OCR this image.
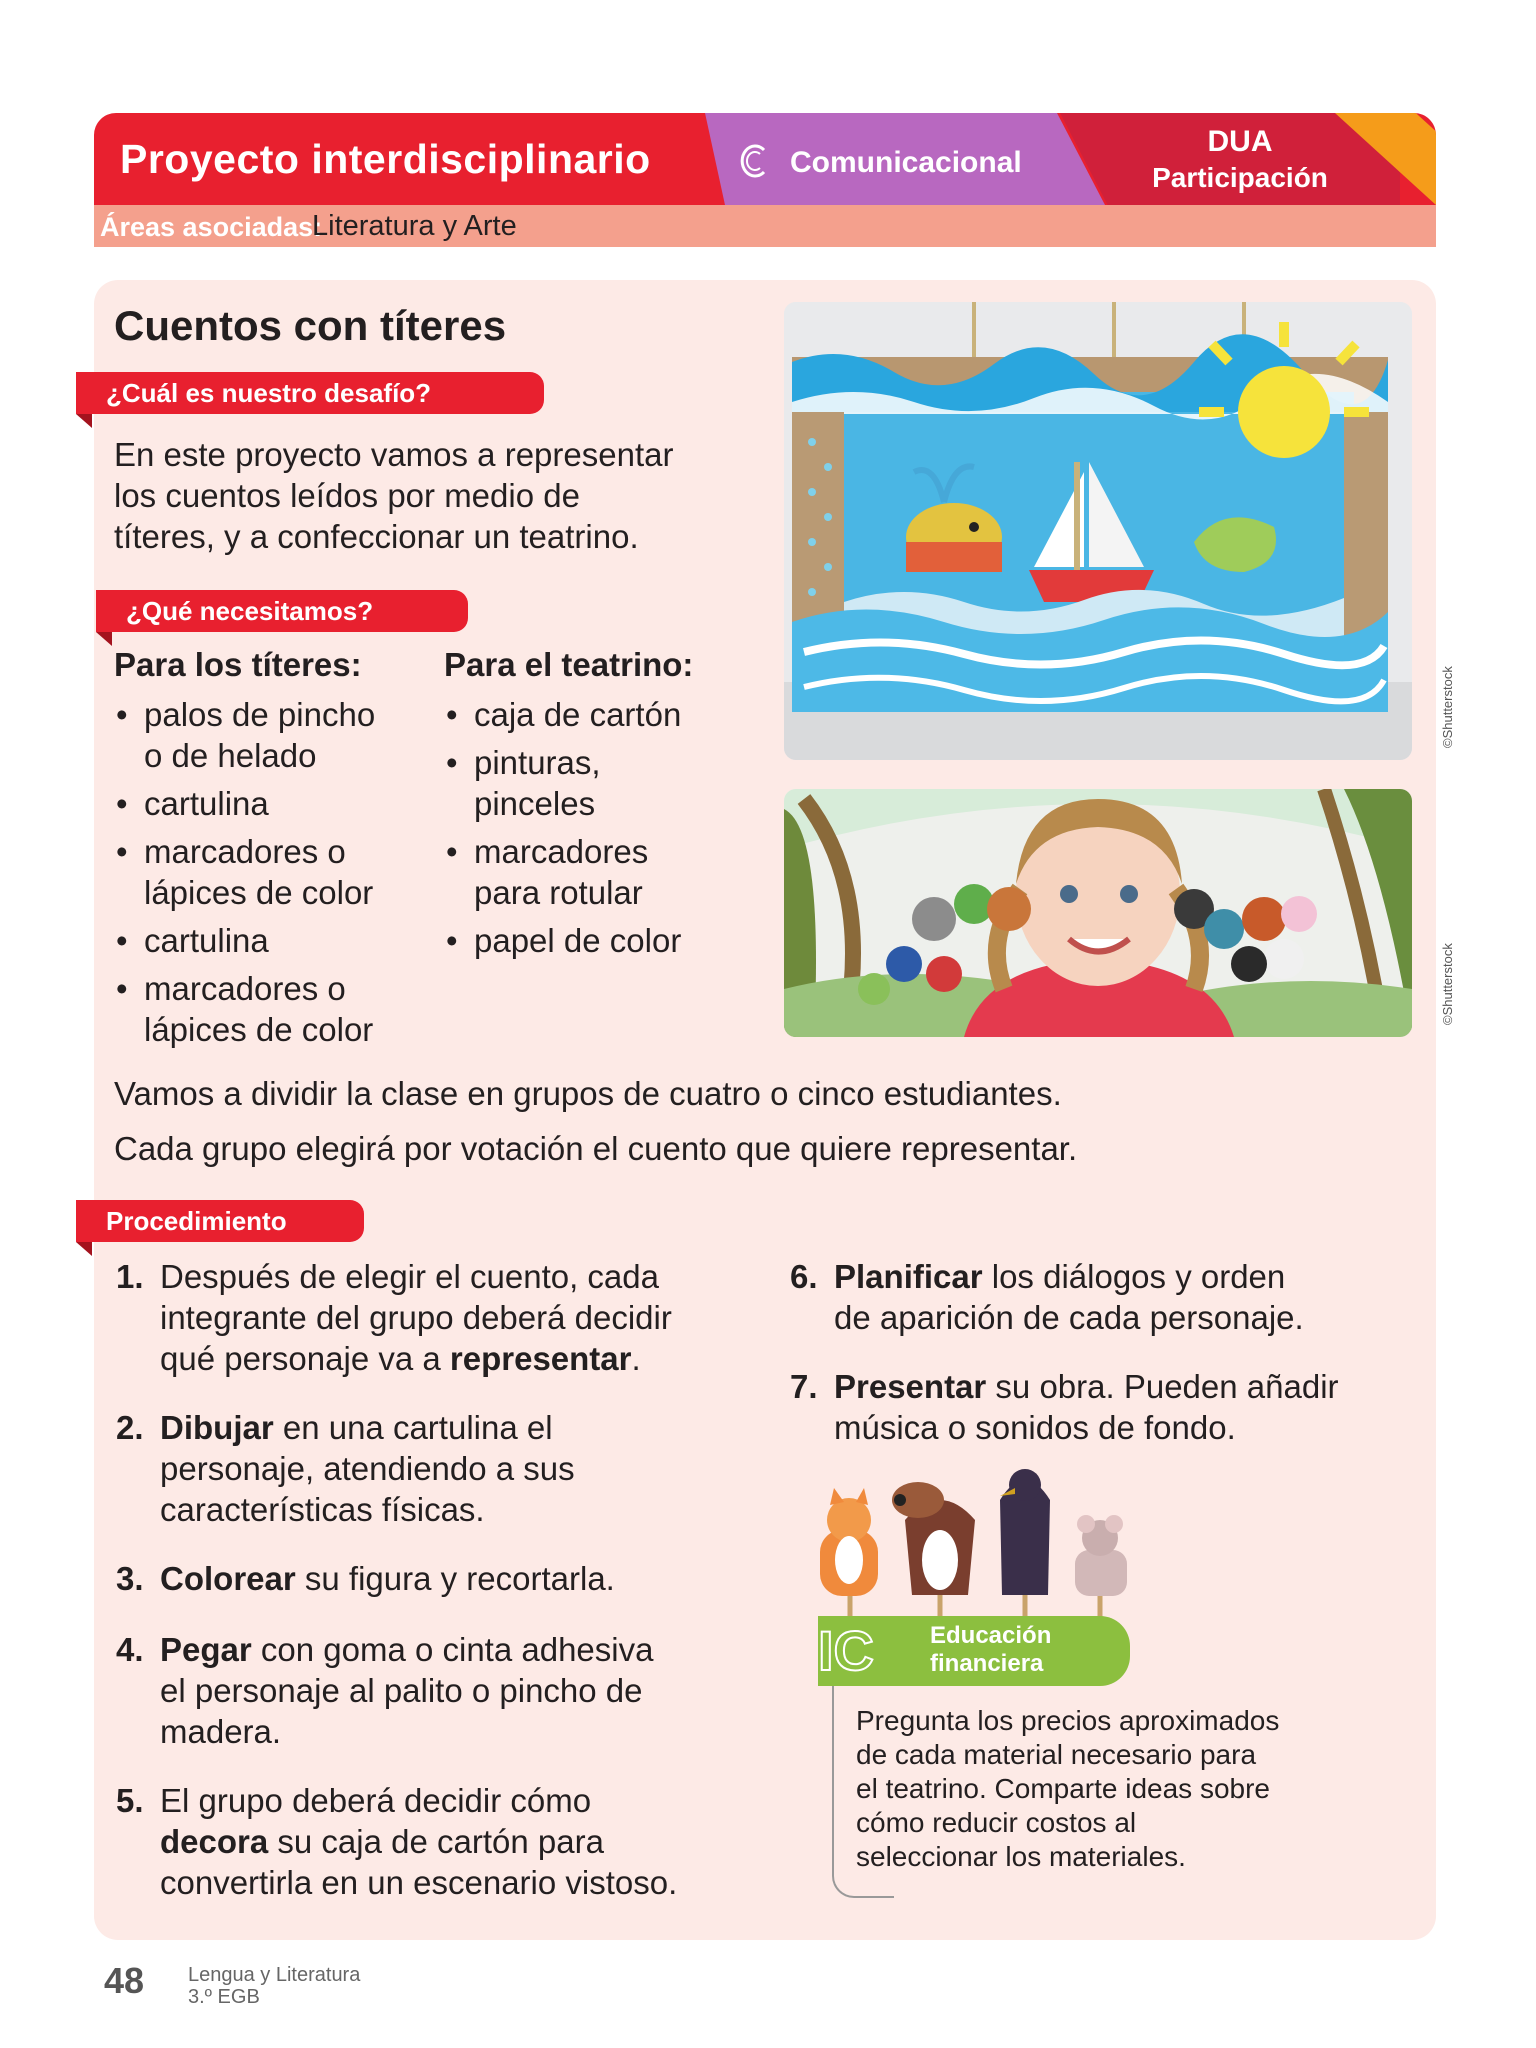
Proyecto interdisciplinario	Comunicacional
DUA
Participación
Áreas asociadas:
Literatura y Arte
Cuentos con títeres
¿Cuál es nuestro desafío?
En este proyecto vamos a representar
los cuentos leídos por medio de
títeres, y a confeccionar un teatrino.
¿Qué necesitamos?
Para los títeres: Para el teatrino:
• palos de pincho
o de helado
• cartulina
• marcadores o
lápices de color
• cartulina
• marcadores o
lápices de color
• caja de cartón
• pinturas,
pinceles
• marcadores
para rotular
• papel de color
©Shutterstock
©Shutterstock
Vamos a dividir la clase en grupos de cuatro o cinco estudiantes.
Cada grupo elegirá por votación el cuento que quiere representar.
Procedimiento
1. Después de elegir el cuento, cada
integrante del grupo deberá decidir
qué personaje va a representar.
2. Dibujar en una cartulina el
personaje, atendiendo a sus
características físicas.
3. Colorear su figura y recortarla.
4. Pegar con goma o cinta adhesiva
el personaje al palito o pincho de
madera.
5. El grupo deberá decidir cómo
decora su caja de cartón para
convertirla en un escenario vistoso.
6. Planificar los diálogos y orden
de aparición de cada personaje.
7. Presentar su obra. Pueden añadir
música o sonidos de fondo.
IC Educación
financiera
Pregunta los precios aproximados
de cada material necesario para
el teatrino. Comparte ideas sobre
cómo reducir costos al
seleccionar los materiales.
48 Lengua y Literatura
3.º EGB
